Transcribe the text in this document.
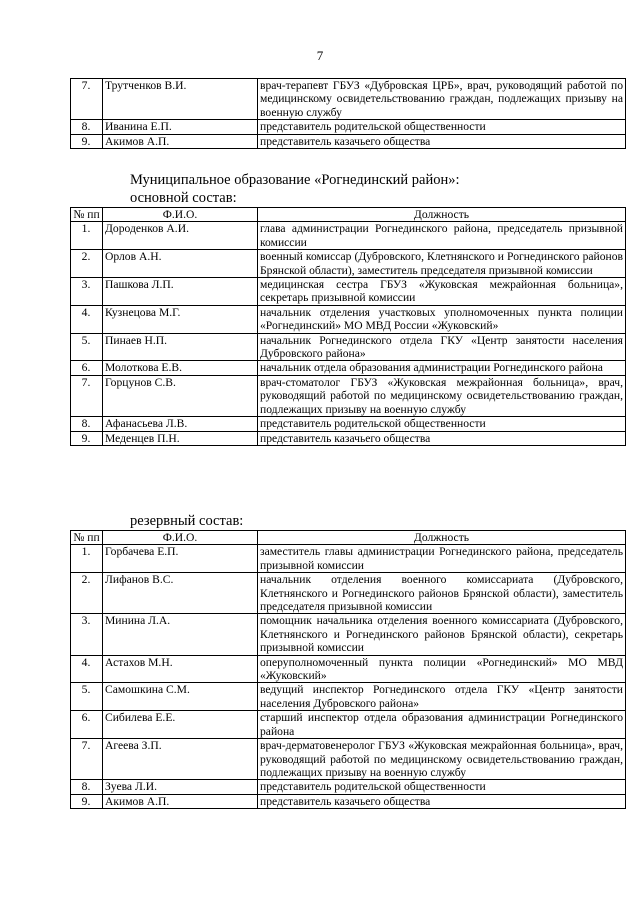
7
7.	Трутченков В.И.	врач-терапевт ГБУЗ «Дубровская ЦРБ», врач, руководящий работой по медицинскому освидетельствованию граждан, подлежащих призыву на военную службу
8.	Иванина Е.П.	представитель родительской общественности
9.	Акимов А.П.	представитель казачьего общества
Муниципальное образование «Рогнединский район»:
основной состав:
№ пп	Ф.И.О.	Должность
1.	Дороденков А.И.	глава администрации Рогнединского района, председатель призывной комиссии
2.	Орлов А.Н.	военный комиссар (Дубровского, Клетнянского и Рогнединского районов Брянской области), заместитель председателя призывной комиссии
3.	Пашкова Л.П.	медицинская сестра ГБУЗ «Жуковская межрайонная больница», секретарь призывной комиссии
4.	Кузнецова М.Г.	начальник отделения участковых уполномоченных пункта полиции «Рогнединский» МО МВД России «Жуковский»
5.	Пинаев Н.П.	начальник Рогнединского отдела ГКУ «Центр занятости населения Дубровского района»
6.	Молоткова Е.В.	начальник отдела образования администрации Рогнединского района
7.	Горцунов С.В.	врач-стоматолог ГБУЗ «Жуковская межрайонная больница», врач, руководящий работой по медицинскому освидетельствованию граждан, подлежащих призыву на военную службу
8.	Афанасьева Л.В.	представитель родительской общественности
9.	Меденцев П.Н.	представитель казачьего общества
резервный состав:
№ пп	Ф.И.О.	Должность
1.	Горбачева Е.П.	заместитель главы администрации Рогнединского района, председатель призывной комиссии
2.	Лифанов В.С.	начальник отделения военного комиссариата (Дубровского, Клетнянского и Рогнединского районов Брянской области), заместитель председателя призывной комиссии
3.	Минина Л.А.	помощник начальника отделения военного комиссариата (Дубровского, Клетнянского и Рогнединского районов Брянской области), секретарь призывной комиссии
4.	Астахов М.Н.	оперуполномоченный пункта полиции «Рогнединский» МО МВД «Жуковский»
5.	Самошкина С.М.	ведущий инспектор Рогнединского отдела ГКУ «Центр занятости населения Дубровского района»
6.	Сибилева Е.Е.	старший инспектор отдела образования администрации Рогнединского района
7.	Агеева З.П.	врач-дерматовенеролог ГБУЗ «Жуковская межрайонная больница», врач, руководящий работой по медицинскому освидетельствованию граждан, подлежащих призыву на военную службу
8.	Зуева Л.И.	представитель родительской общественности
9.	Акимов А.П.	представитель казачьего общества
